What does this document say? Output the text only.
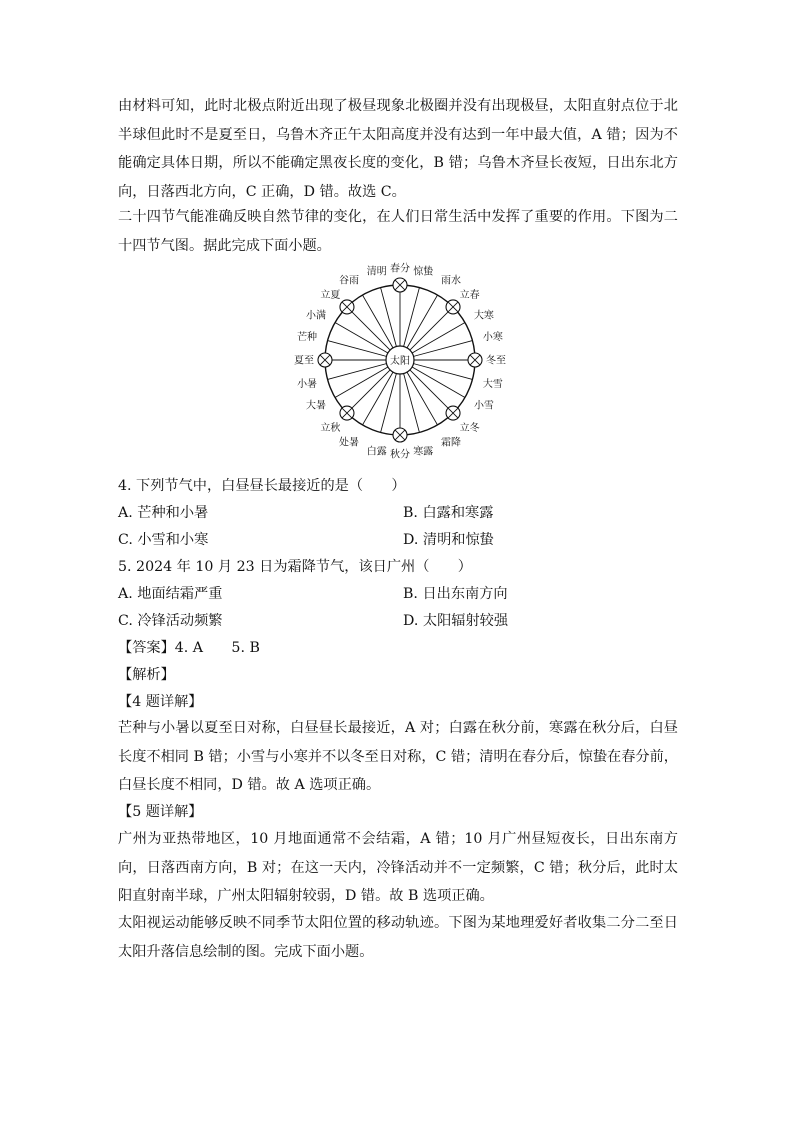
由材料可知，此时北极点附近出现了极昼现象北极圈并没有出现极昼，太阳直射点位于北半球但此时不是夏至日，乌鲁木齐正午太阳高度并没有达到一年中最大值，A 错；因为不能确定具体日期，所以不能确定黑夜长度的变化，B 错；乌鲁木齐昼长夜短，日出东北方向，日落西北方向，C 正确，D 错。故选 C。

二十四节气能准确反映自然节律的变化，在人们日常生活中发挥了重要的作用。下图为二十四节气图。据此完成下面小题。

太阳	冬至
小寒
大寒
立春
雨水
惊蛰
春分
清明
谷雨
立夏
小满
芒种
夏至
小暑
大暑
立秋
处暑
白露 秋分 寒露
霜降
立冬
小雪
大雪

4. 下列节气中，白昼昼长最接近的是（　　）

A. 芒种和小暑	B. 白露和寒露

C. 小雪和小寒	D. 清明和惊蛰

5. 2024 年 10 月 23 日为霜降节气，该日广州（　　）

A. 地面结霜严重	B. 日出东南方向

C. 冷锋活动频繁	D. 太阳辐射较强

【答案】4. A　　5. B

【解析】

【4 题详解】

芒种与小暑以夏至日对称，白昼昼长最接近，A 对；白露在秋分前，寒露在秋分后，白昼长度不相同 B 错；小雪与小寒并不以冬至日对称，C 错；清明在春分后，惊蛰在春分前，白昼长度不相同，D 错。故 A 选项正确。

【5 题详解】

广州为亚热带地区，10 月地面通常不会结霜，A 错；10 月广州昼短夜长，日出东南方向，日落西南方向，B 对；在这一天内，冷锋活动并不一定频繁，C 错；秋分后，此时太阳直射南半球，广州太阳辐射较弱，D 错。故 B 选项正确。

太阳视运动能够反映不同季节太阳位置的移动轨迹。下图为某地理爱好者收集二分二至日太阳升落信息绘制的图。完成下面小题。
